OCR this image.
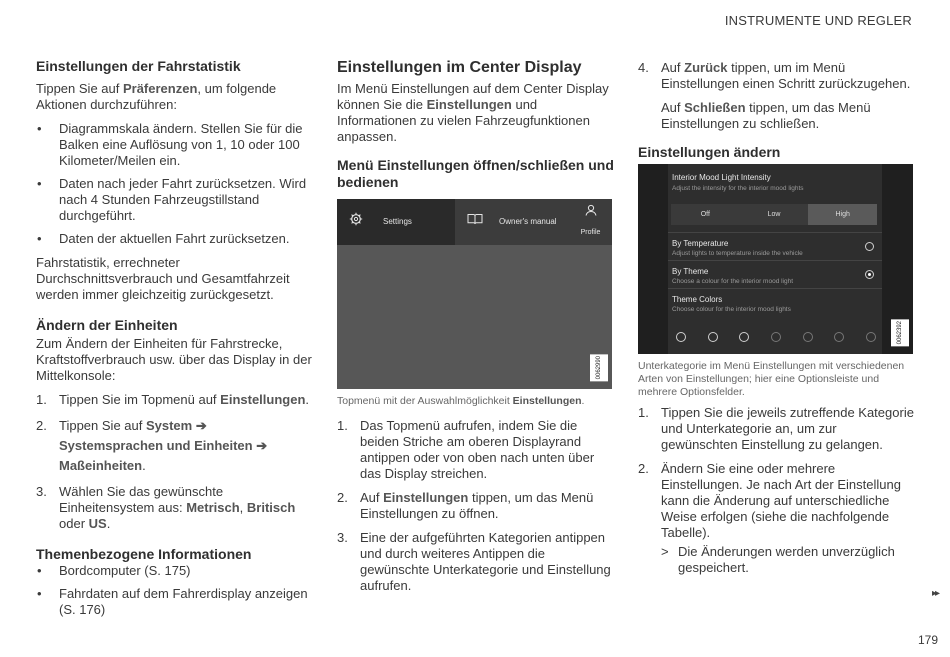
INSTRUMENTE UND REGLER
Einstellungen der Fahrstatistik

Tippen Sie auf Präferenzen, um folgende Aktionen durchzuführen:

• Diagrammskala ändern. Stellen Sie für die Balken eine Auflösung von 1, 10 oder 100 Kilometer/Meilen ein.
• Daten nach jeder Fahrt zurücksetzen. Wird nach 4 Stunden Fahrzeugstillstand durchgeführt.
• Daten der aktuellen Fahrt zurücksetzen.

Fahrstatistik, errechneter Durchschnittsverbrauch und Gesamtfahrzeit werden immer gleichzeitig zurückgesetzt.

Ändern der Einheiten

Zum Ändern der Einheiten für Fahrstrecke, Kraftstoffverbrauch usw. über das Display in der Mittelkonsole:

1. Tippen Sie im Topmenü auf Einstellungen.
2. Tippen Sie auf System ➔ Systemsprachen und Einheiten ➔ Maßeinheiten.
3. Wählen Sie das gewünschte Einheitensystem aus: Metrisch, Britisch oder US.
Themenbezogene Informationen
• Bordcomputer (S. 175)
• Fahrdaten auf dem Fahrerdisplay anzeigen (S. 176)
Einstellungen im Center Display

Im Menü Einstellungen auf dem Center Display können Sie die Einstellungen und Informationen zu vielen Fahrzeugfunktionen anpassen.

Menü Einstellungen öffnen/schließen und bedienen
Settings	Owner's manual
Profile
0062990
Topmenü mit der Auswahlmöglichkeit Einstellungen.
1. Das Topmenü aufrufen, indem Sie die beiden Striche am oberen Displayrand antippen oder von oben nach unten über das Display streichen.
2. Auf Einstellungen tippen, um das Menü Einstellungen zu öffnen.
3. Eine der aufgeführten Kategorien antippen und durch weiteres Antippen die gewünschte Unterkategorie und Einstellung aufrufen.
4. Auf Zurück tippen, um im Menü Einstellungen einen Schritt zurückzugehen.
Auf Schließen tippen, um das Menü Einstellungen zu schließen.
Einstellungen ändern
Interior Mood Light Intensity
Adjust the intensity for the interior mood lights
Off	Low	High
By Temperature
Adjust lights to temperature inside the vehicle
By Theme
Choose a colour for the interior mood light
Theme Colors
Choose colour for the interior mood lights
0062392
Unterkategorie im Menü Einstellungen mit verschiedenen Arten von Einstellungen; hier eine Optionsleiste und mehrere Optionsfelder.
1. Tippen Sie die jeweils zutreffende Kategorie und Unterkategorie an, um zur gewünschten Einstellung zu gelangen.
2. Ändern Sie eine oder mehrere Einstellungen. Je nach Art der Einstellung kann die Änderung auf unterschiedliche Weise erfolgen (siehe die nachfolgende Tabelle).
> Die Änderungen werden unverzüglich gespeichert.
▸▸
179
